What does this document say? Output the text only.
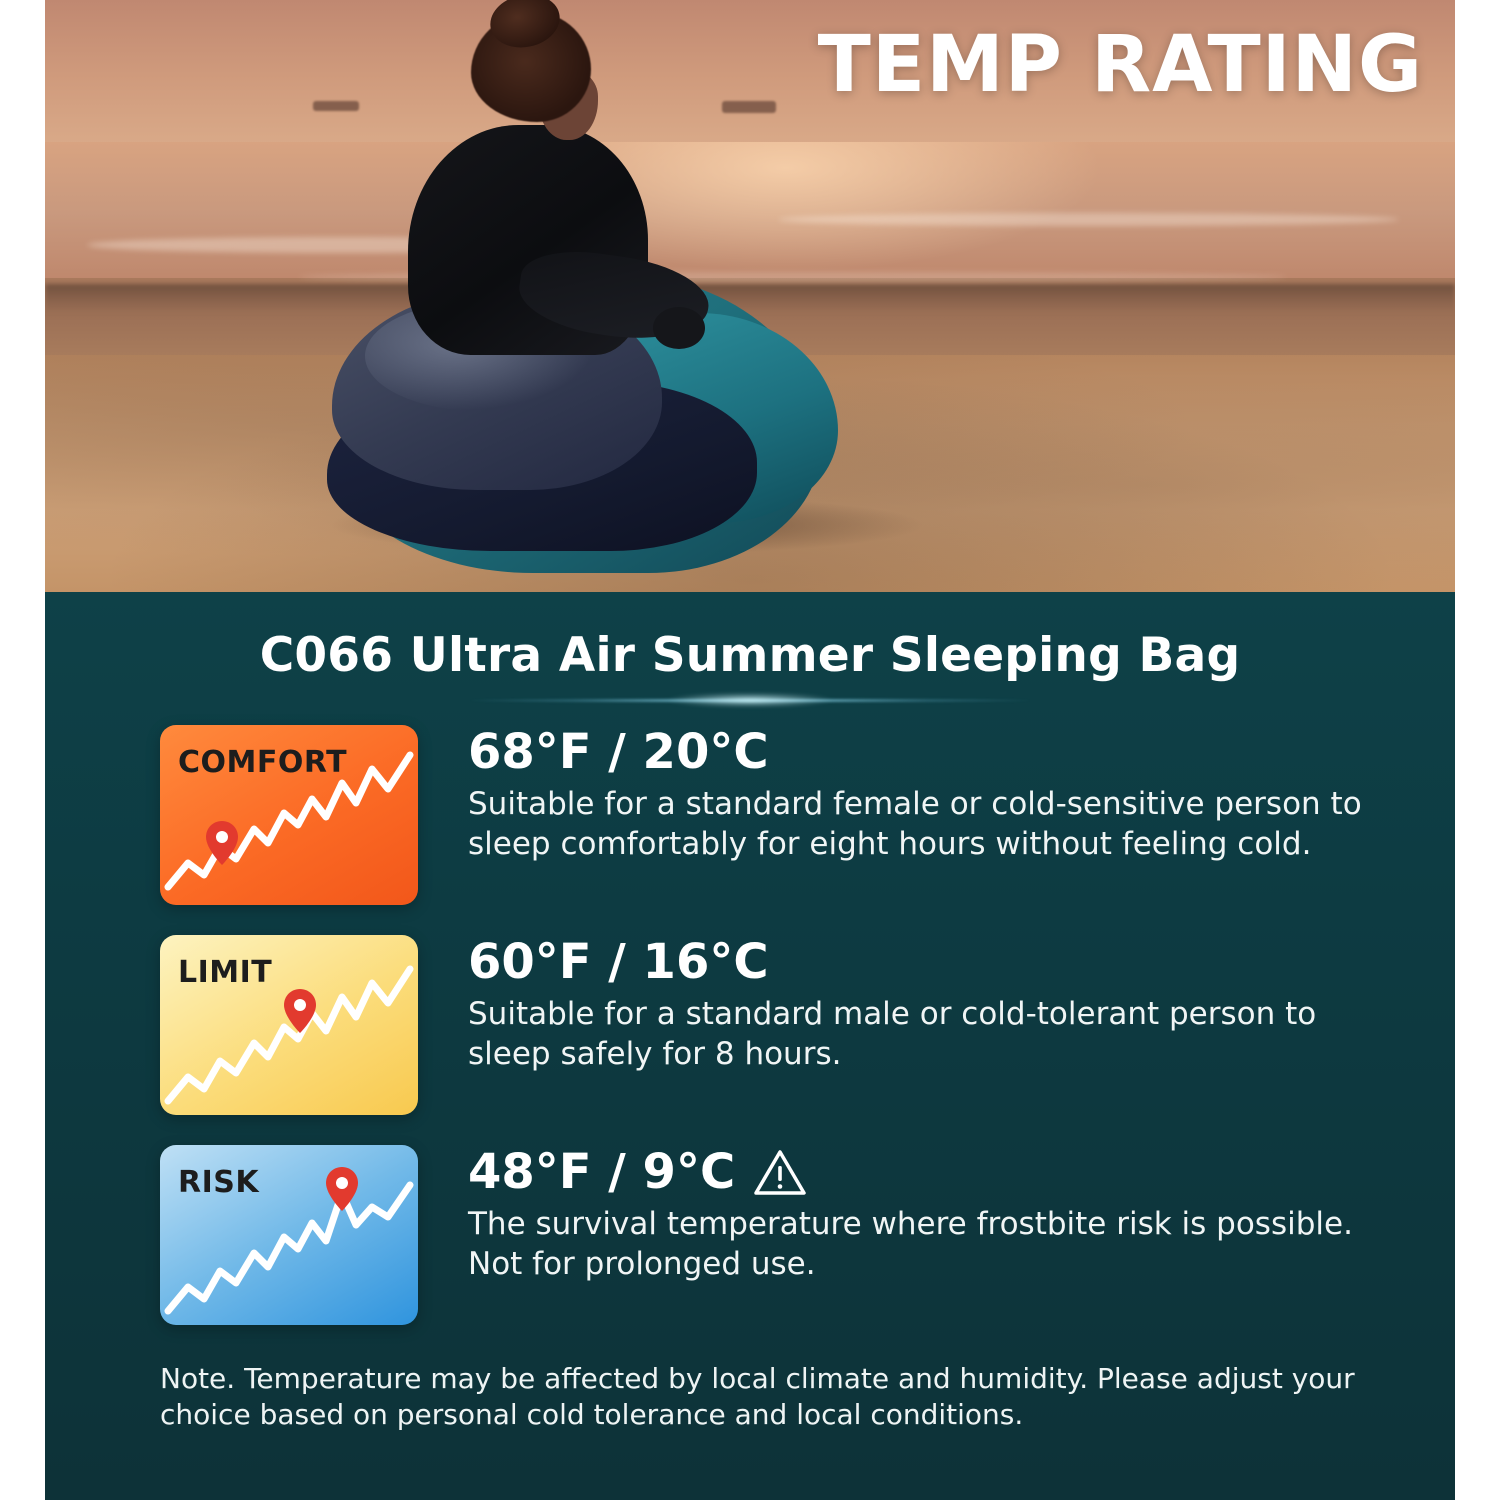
TEMP RATING
C066 Ultra Air Summer Sleeping Bag
COMFORT	68°F / 20°C
Suitable for a standard female or cold-sensitive person to sleep comfortably for eight hours without feeling cold.
LIMIT	60°F / 16°C
Suitable for a standard male or cold-tolerant person to sleep safely for 8 hours.
RISK	48°F / 9°C
The survival temperature where frostbite risk is possible. Not for prolonged use.
Note. Temperature may be affected by local climate and humidity. Please adjust your choice based on personal cold tolerance and local conditions.
